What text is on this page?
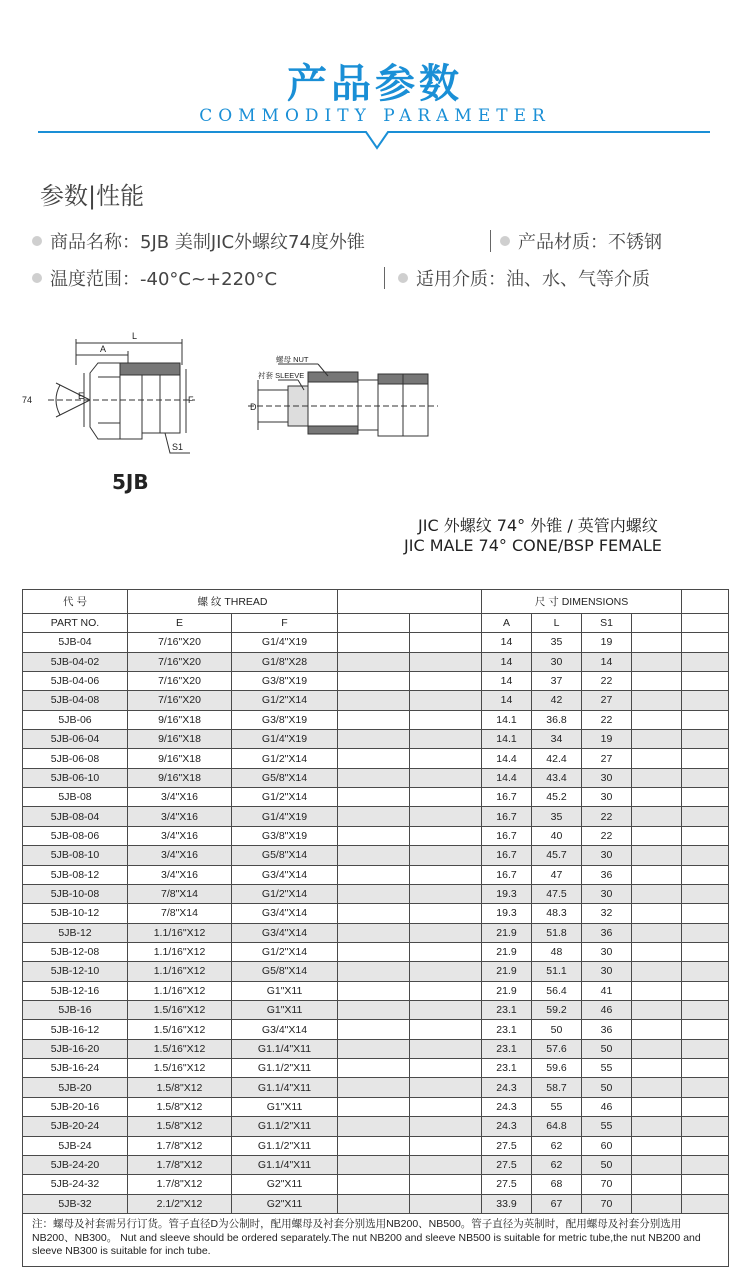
产品参数
COMMODITY PARAMETER
参数|性能
商品名称：5JB 美制JIC外螺纹74度外锥	产品材质：不锈钢
温度范围：-40°C~+220°C	适用介质：油、水、气等介质
L
A
74	E	F
S1
5JB
螺母 NUT
衬套 SLEEVE
D
JIC 外螺纹 74° 外锥 / 英管内螺纹
JIC MALE 74° CONE/BSP FEMALE
代 号	螺 纹 THREAD				尺 寸 DIMENSIONS				
PART NO.	E	F			A	L	S1		
5JB-04	7/16"X20	G1/4"X19			14	35	19		
5JB-04-02	7/16"X20	G1/8"X28			14	30	14		
5JB-04-06	7/16"X20	G3/8"X19			14	37	22		
5JB-04-08	7/16"X20	G1/2"X14			14	42	27		
5JB-06	9/16"X18	G3/8"X19			14.1	36.8	22		
5JB-06-04	9/16"X18	G1/4"X19			14.1	34	19		
5JB-06-08	9/16"X18	G1/2"X14			14.4	42.4	27		
5JB-06-10	9/16"X18	G5/8"X14			14.4	43.4	30		
5JB-08	3/4"X16	G1/2"X14			16.7	45.2	30		
5JB-08-04	3/4"X16	G1/4"X19			16.7	35	22		
5JB-08-06	3/4"X16	G3/8"X19			16.7	40	22		
5JB-08-10	3/4"X16	G5/8"X14			16.7	45.7	30		
5JB-08-12	3/4"X16	G3/4"X14			16.7	47	36		
5JB-10-08	7/8"X14	G1/2"X14			19.3	47.5	30		
5JB-10-12	7/8"X14	G3/4"X14			19.3	48.3	32		
5JB-12	1.1/16"X12	G3/4"X14			21.9	51.8	36		
5JB-12-08	1.1/16"X12	G1/2"X14			21.9	48	30		
5JB-12-10	1.1/16"X12	G5/8"X14			21.9	51.1	30		
5JB-12-16	1.1/16"X12	G1"X11			21.9	56.4	41		
5JB-16	1.5/16"X12	G1"X11			23.1	59.2	46		
5JB-16-12	1.5/16"X12	G3/4"X14			23.1	50	36		
5JB-16-20	1.5/16"X12	G1.1/4"X11			23.1	57.6	50		
5JB-16-24	1.5/16"X12	G1.1/2"X11			23.1	59.6	55		
5JB-20	1.5/8"X12	G1.1/4"X11			24.3	58.7	50		
5JB-20-16	1.5/8"X12	G1"X11			24.3	55	46		
5JB-20-24	1.5/8"X12	G1.1/2"X11			24.3	64.8	55		
5JB-24	1.7/8"X12	G1.1/2"X11			27.5	62	60		
5JB-24-20	1.7/8"X12	G1.1/4"X11			27.5	62	50		
5JB-24-32	1.7/8"X12	G2"X11			27.5	68	70		
5JB-32	2.1/2"X12	G2"X11			33.9	67	70		
注：螺母及衬套需另行订货。管子直径D为公制时，配用螺母及衬套分别选用NB200、NB500。管子直径为英制时，配用螺母及衬套分别选用NB200、NB300。 Nut and sleeve should be ordered separately.The nut NB200 and sleeve NB500 is suitable for metric tube,the nut NB200 and sleeve NB300 is suitable for inch tube.
